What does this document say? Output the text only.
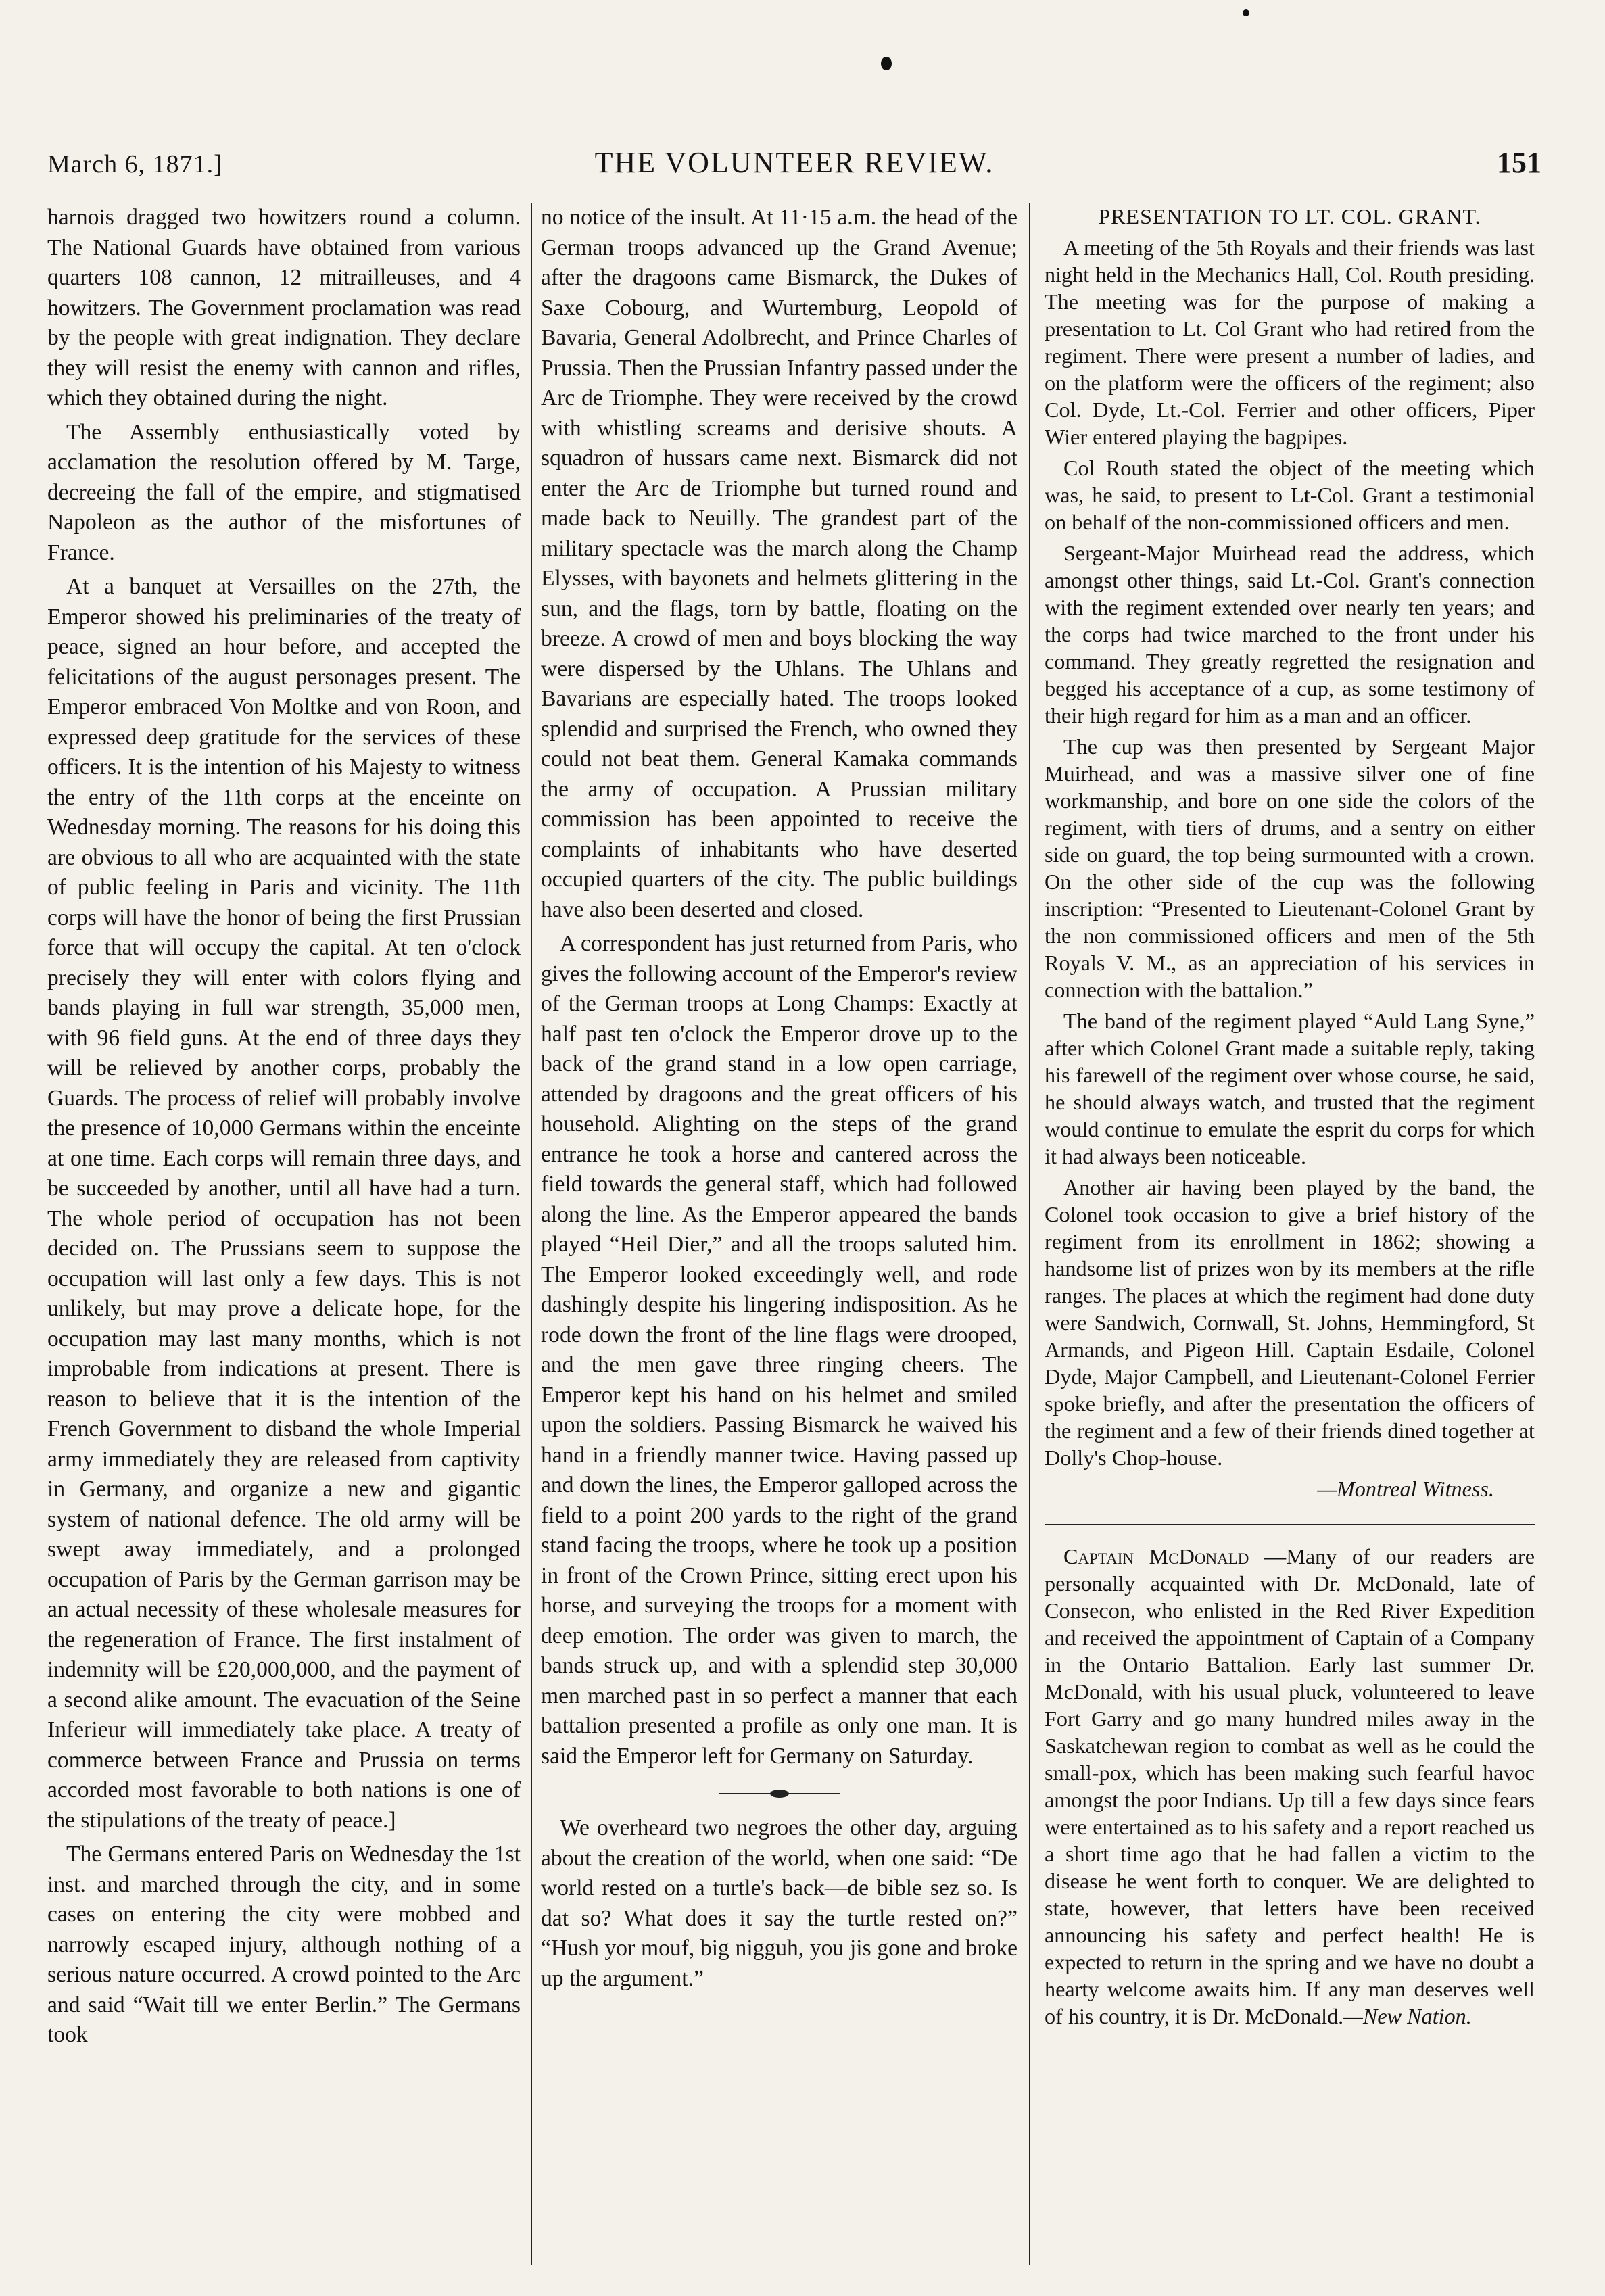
March 6, 1871.]	THE VOLUNTEER REVIEW.	151

harnois dragged two howitzers round a column. The National Guards have obtained from various quarters 108 cannon, 12 mitrailleuses, and 4 howitzers. The Government proclamation was read by the people with great indignation. They declare they will resist the enemy with cannon and rifles, which they obtained during the night.

The Assembly enthusiastically voted by acclamation the resolution offered by M. Targe, decreeing the fall of the empire, and stigmatised Napoleon as the author of the misfortunes of France.

At a banquet at Versailles on the 27th, the Emperor showed his preliminaries of the treaty of peace, signed an hour before, and accepted the felicitations of the august personages present. The Emperor embraced Von Moltke and von Roon, and expressed deep gratitude for the services of these officers. It is the intention of his Majesty to witness the entry of the 11th corps at the enceinte on Wednesday morning. The reasons for his doing this are obvious to all who are acquainted with the state of public feeling in Paris and vicinity. The 11th corps will have the honor of being the first Prussian force that will occupy the capital. At ten o'clock precisely they will enter with colors flying and bands playing in full war strength, 35,000 men, with 96 field guns. At the end of three days they will be relieved by another corps, probably the Guards. The process of relief will probably involve the presence of 10,000 Germans within the enceinte at one time. Each corps will remain three days, and be succeeded by another, until all have had a turn. The whole period of occupation has not been decided on. The Prussians seem to suppose the occupation will last only a few days. This is not unlikely, but may prove a delicate hope, for the occupation may last many months, which is not improbable from indications at present. There is reason to believe that it is the intention of the French Government to disband the whole Imperial army immediately they are released from captivity in Germany, and organize a new and gigantic system of national defence. The old army will be swept away immediately, and a prolonged occupation of Paris by the German garrison may be an actual necessity of these wholesale measures for the regeneration of France. The first instalment of indemnity will be £20,000,000, and the payment of a second alike amount. The evacuation of the Seine Inferieur will immediately take place. A treaty of commerce between France and Prussia on terms accorded most favorable to both nations is one of the stipulations of the treaty of peace.]

The Germans entered Paris on Wednesday the 1st inst. and marched through the city, and in some cases on entering the city were mobbed and narrowly escaped injury, although nothing of a serious nature occurred. A crowd pointed to the Arc and said “Wait till we enter Berlin.” The Germans took

no notice of the insult. At 11·15 a.m. the head of the German troops advanced up the Grand Avenue; after the dragoons came Bismarck, the Dukes of Saxe Cobourg, and Wurtemburg, Leopold of Bavaria, General Adolbrecht, and Prince Charles of Prussia. Then the Prussian Infantry passed under the Arc de Triomphe. They were received by the crowd with whistling screams and derisive shouts. A squadron of hussars came next. Bismarck did not enter the Arc de Triomphe but turned round and made back to Neuilly. The grandest part of the military spectacle was the march along the Champ Elysses, with bayonets and helmets glittering in the sun, and the flags, torn by battle, floating on the breeze. A crowd of men and boys blocking the way were dispersed by the Uhlans. The Uhlans and Bavarians are especially hated. The troops looked splendid and surprised the French, who owned they could not beat them. General Kamaka commands the army of occupation. A Prussian military commission has been appointed to receive the complaints of inhabitants who have deserted occupied quarters of the city. The public buildings have also been deserted and closed.

A correspondent has just returned from Paris, who gives the following account of the Emperor's review of the German troops at Long Champs: Exactly at half past ten o'clock the Emperor drove up to the back of the grand stand in a low open carriage, attended by dragoons and the great officers of his household. Alighting on the steps of the grand entrance he took a horse and cantered across the field towards the general staff, which had followed along the line. As the Emperor appeared the bands played “Heil Dier,” and all the troops saluted him. The Emperor looked exceedingly well, and rode dashingly despite his lingering indisposition. As he rode down the front of the line flags were drooped, and the men gave three ringing cheers. The Emperor kept his hand on his helmet and smiled upon the soldiers. Passing Bismarck he waived his hand in a friendly manner twice. Having passed up and down the lines, the Emperor galloped across the field to a point 200 yards to the right of the grand stand facing the troops, where he took up a position in front of the Crown Prince, sitting erect upon his horse, and surveying the troops for a moment with deep emotion. The order was given to march, the bands struck up, and with a splendid step 30,000 men marched past in so perfect a manner that each battalion presented a profile as only one man. It is said the Emperor left for Germany on Saturday.

We overheard two negroes the other day, arguing about the creation of the world, when one said: “De world rested on a turtle's back—de bible sez so. Is dat so? What does it say the turtle rested on?” “Hush yor mouf, big nigguh, you jis gone and broke up the argument.”

PRESENTATION TO LT. COL. GRANT.

A meeting of the 5th Royals and their friends was last night held in the Mechanics Hall, Col. Routh presiding. The meeting was for the purpose of making a presentation to Lt. Col Grant who had retired from the regiment. There were present a number of ladies, and on the platform were the officers of the regiment; also Col. Dyde, Lt.-Col. Ferrier and other officers, Piper Wier entered playing the bagpipes.

Col Routh stated the object of the meeting which was, he said, to present to Lt-Col. Grant a testimonial on behalf of the non-commissioned officers and men.

Sergeant-Major Muirhead read the address, which amongst other things, said Lt.-Col. Grant's connection with the regiment extended over nearly ten years; and the corps had twice marched to the front under his command. They greatly regretted the resignation and begged his acceptance of a cup, as some testimony of their high regard for him as a man and an officer.

The cup was then presented by Sergeant Major Muirhead, and was a massive silver one of fine workmanship, and bore on one side the colors of the regiment, with tiers of drums, and a sentry on either side on guard, the top being surmounted with a crown. On the other side of the cup was the following inscription: “Presented to Lieutenant-Colonel Grant by the non commissioned officers and men of the 5th Royals V. M., as an appreciation of his services in connection with the battalion.”

The band of the regiment played “Auld Lang Syne,” after which Colonel Grant made a suitable reply, taking his farewell of the regiment over whose course, he said, he should always watch, and trusted that the regiment would continue to emulate the esprit du corps for which it had always been noticeable.

Another air having been played by the band, the Colonel took occasion to give a brief history of the regiment from its enrollment in 1862; showing a handsome list of prizes won by its members at the rifle ranges. The places at which the regiment had done duty were Sandwich, Cornwall, St. Johns, Hemmingford, St Armands, and Pigeon Hill. Captain Esdaile, Colonel Dyde, Major Campbell, and Lieutenant-Colonel Ferrier spoke briefly, and after the presentation the officers of the regiment and a few of their friends dined together at Dolly's Chop-house.

—Montreal Witness.

Captain McDonald —Many of our readers are personally acquainted with Dr. McDonald, late of Consecon, who enlisted in the Red River Expedition and received the appointment of Captain of a Company in the Ontario Battalion. Early last summer Dr. McDonald, with his usual pluck, volunteered to leave Fort Garry and go many hundred miles away in the Saskatchewan region to combat as well as he could the small-pox, which has been making such fearful havoc amongst the poor Indians. Up till a few days since fears were entertained as to his safety and a report reached us a short time ago that he had fallen a victim to the disease he went forth to conquer. We are delighted to state, however, that letters have been received announcing his safety and perfect health! He is expected to return in the spring and we have no doubt a hearty welcome awaits him. If any man deserves well of his country, it is Dr. McDonald.—New Nation.
